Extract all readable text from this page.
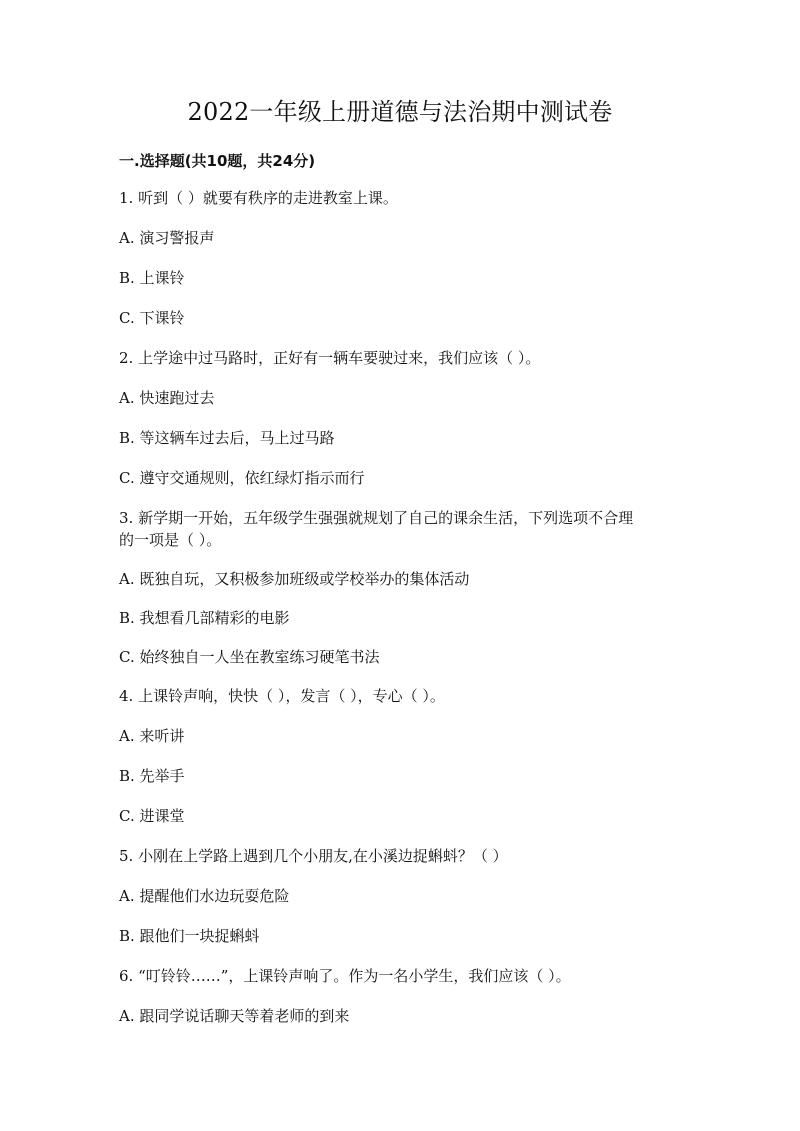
2022一年级上册道德与法治期中测试卷
一.选择题(共10题，共24分)
1. 听到（ ）就要有秩序的走进教室上课。
A. 演习警报声
B. 上课铃
C. 下课铃
2. 上学途中过马路时，正好有一辆车要驶过来，我们应该（ ）。
A. 快速跑过去
B. 等这辆车过去后，马上过马路
C. 遵守交通规则，依红绿灯指示而行
3. 新学期一开始，五年级学生强强就规划了自己的课余生活，下列选项不合理
的一项是（ ）。
A. 既独自玩，又积极参加班级或学校举办的集体活动
B. 我想看几部精彩的电影
C. 始终独自一人坐在教室练习硬笔书法
4. 上课铃声响，快快（ ），发言（ ），专心（ ）。
A. 来听讲
B. 先举手
C. 进课堂
5. 小刚在上学路上遇到几个小朋友,在小溪边捉蝌蚪？（ ）
A. 提醒他们水边玩耍危险
B. 跟他们一块捉蝌蚪
6. “叮铃铃……”，上课铃声响了。作为一名小学生，我们应该（ ）。
A. 跟同学说话聊天等着老师的到来
